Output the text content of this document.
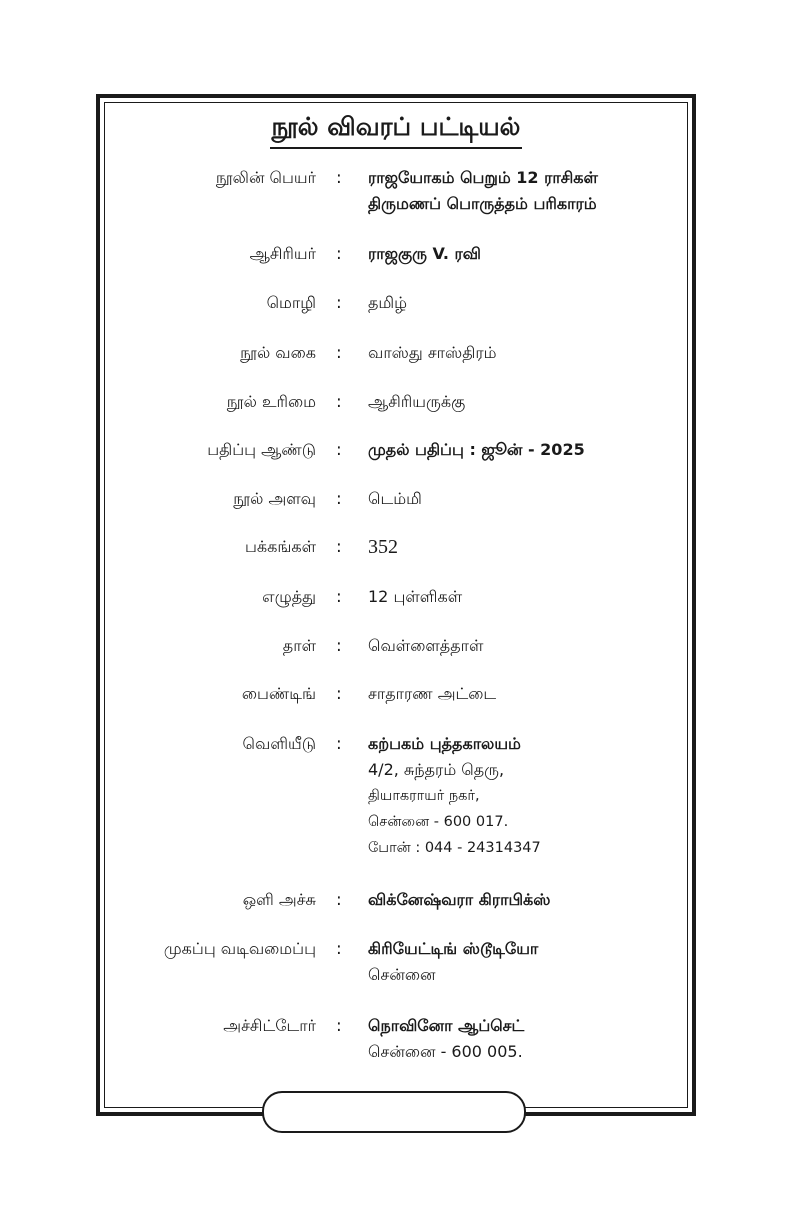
நூல் விவரப் பட்டியல்
நூலின் பெயர் : ராஜயோகம் பெறும் 12 ராசிகள்
திருமணப் பொருத்தம் பரிகாரம்
ஆசிரியர் : ராஜகுரு V. ரவி
மொழி : தமிழ்
நூல் வகை : வாஸ்து சாஸ்திரம்
நூல் உரிமை : ஆசிரியருக்கு
பதிப்பு ஆண்டு : முதல் பதிப்பு : ஜூன் - 2025
நூல் அளவு : டெம்மி
பக்கங்கள் : 352
எழுத்து : 12 புள்ளிகள்
தாள் : வெள்ளைத்தாள்
பைண்டிங் : சாதாரண அட்டை
வெளியீடு : கற்பகம் புத்தகாலயம்
4/2, சுந்தரம் தெரு,
தியாகராயர் நகர்,
சென்னை - 600 017.
போன் : 044 - 24314347
ஒளி அச்சு : விக்னேஷ்வரா கிராபிக்ஸ்
முகப்பு வடிவமைப்பு : கிரியேட்டிங் ஸ்டூடியோ
சென்னை
அச்சிட்டோர் : நொவினோ ஆப்செட்
சென்னை - 600 005.
